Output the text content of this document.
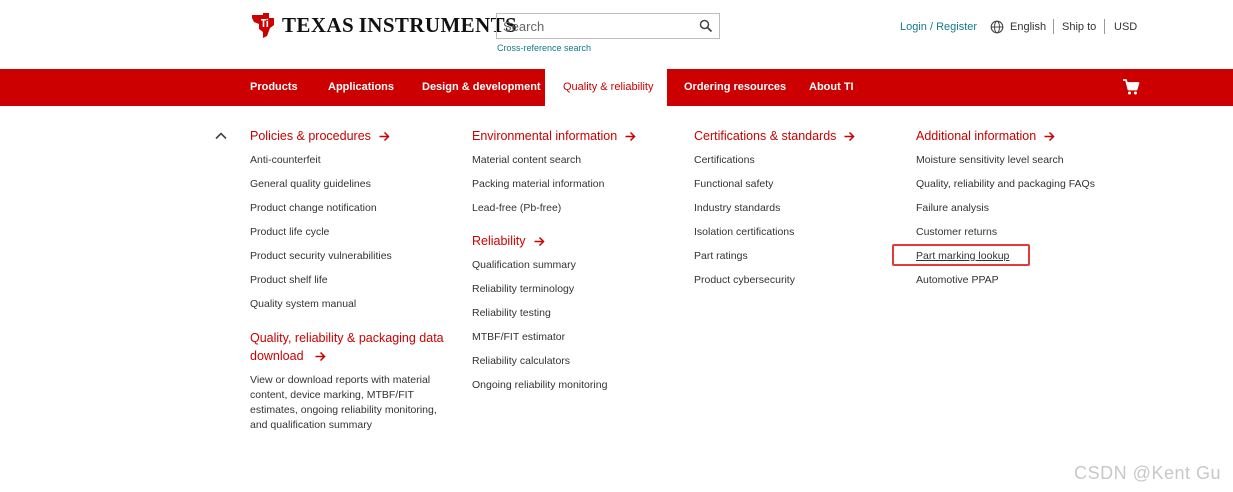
TEXAS INSTRUMENTS
Search
Cross-reference search
Login / Register	English Ship to USD
Products	Applications	Design & development Quality & reliability	Ordering resources About TI
Policies & procedures
Anti-counterfeit
General quality guidelines
Product change notification
Product life cycle
Product security vulnerabilities
Product shelf life
Quality system manual
Quality, reliability & packaging data download
View or download reports with material content, device marking, MTBF/FIT estimates, ongoing reliability monitoring, and qualification summary
Environmental information
Material content search
Packing material information
Lead-free (Pb-free)
Reliability
Qualification summary
Reliability terminology
Reliability testing
MTBF/FIT estimator
Reliability calculators
Ongoing reliability monitoring
Certifications & standards
Certifications
Functional safety
Industry standards
Isolation certifications
Part ratings
Product cybersecurity
Additional information
Moisture sensitivity level search
Quality, reliability and packaging FAQs
Failure analysis
Customer returns
Part marking lookup
Automotive PPAP
CSDN @Kent Gu
